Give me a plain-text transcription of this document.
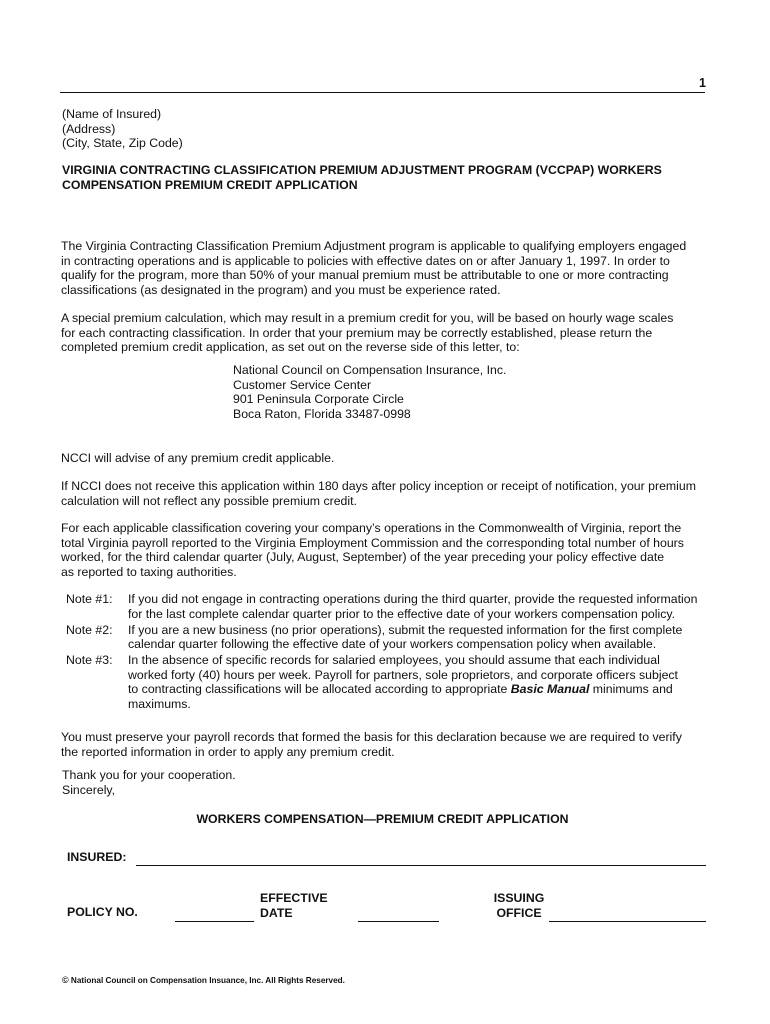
1
(Name of Insured)
(Address)
(City, State, Zip Code)
VIRGINIA CONTRACTING CLASSIFICATION PREMIUM ADJUSTMENT PROGRAM (VCCPAP) WORKERS
COMPENSATION PREMIUM CREDIT APPLICATION
The Virginia Contracting Classification Premium Adjustment program is applicable to qualifying employers engaged
in contracting operations and is applicable to policies with effective dates on or after January 1, 1997. In order to
qualify for the program, more than 50% of your manual premium must be attributable to one or more contracting
classifications (as designated in the program) and you must be experience rated.
A special premium calculation, which may result in a premium credit for you, will be based on hourly wage scales
for each contracting classification. In order that your premium may be correctly established, please return the
completed premium credit application, as set out on the reverse side of this letter, to:
National Council on Compensation Insurance, Inc.
Customer Service Center
901 Peninsula Corporate Circle
Boca Raton, Florida 33487-0998
NCCI will advise of any premium credit applicable.
If NCCI does not receive this application within 180 days after policy inception or receipt of notification, your premium
calculation will not reflect any possible premium credit.
For each applicable classification covering your company’s operations in the Commonwealth of Virginia, report the
total Virginia payroll reported to the Virginia Employment Commission and the corresponding total number of hours
worked, for the third calendar quarter (July, August, September) of the year preceding your policy effective date
as reported to taxing authorities.
Note #1:	If you did not engage in contracting operations during the third quarter, provide the requested information
for the last complete calendar quarter prior to the effective date of your workers compensation policy.
Note #2:	If you are a new business (no prior operations), submit the requested information for the first complete
calendar quarter following the effective date of your workers compensation policy when available.
Note #3:	In the absence of specific records for salaried employees, you should assume that each individual
worked forty (40) hours per week. Payroll for partners, sole proprietors, and corporate officers subject
to contracting classifications will be allocated according to appropriate Basic Manual minimums and
maximums.
You must preserve your payroll records that formed the basis for this declaration because we are required to verify
the reported information in order to apply any premium credit.
Thank you for your cooperation.
Sincerely,
WORKERS COMPENSATION—PREMIUM CREDIT APPLICATION
INSURED:
POLICY NO.
EFFECTIVE
DATE
ISSUING
OFFICE
© National Council on Compensation Insuance, Inc. All Rights Reserved.
